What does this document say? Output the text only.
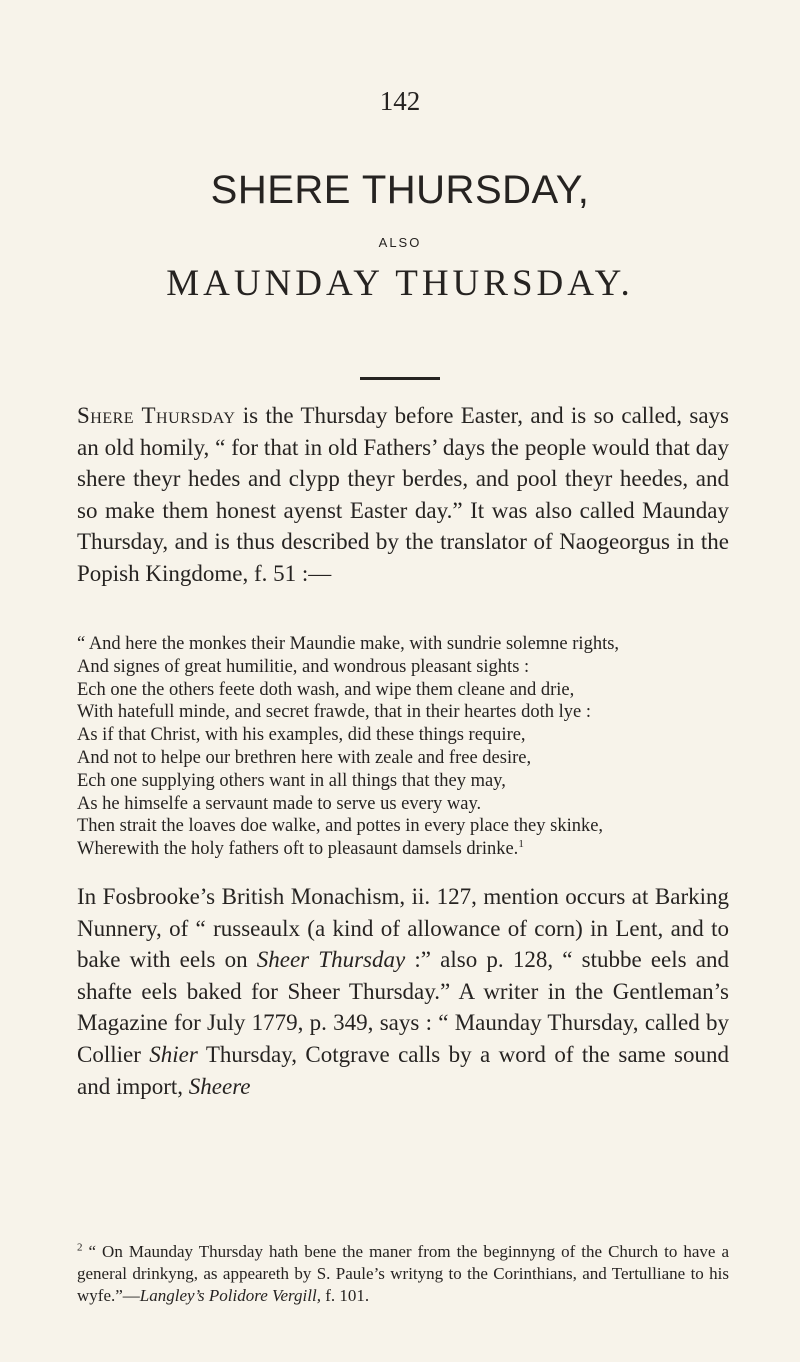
142
SHERE THURSDAY,
ALSO
MAUNDAY THURSDAY.
Shere Thursday is the Thursday before Easter, and is so called, says an old homily, “ for that in old Fathers’ days the people would that day shere theyr hedes and clypp theyr berdes, and pool theyr heedes, and so make them honest ayenst Easter day.” It was also called Maunday Thursday, and is thus described by the translator of Naogeorgus in the Popish Kingdome, f. 51 :—
“ And here the monkes their Maundie make, with sundrie solemne rights,
And signes of great humilitie, and wondrous pleasant sights :
Ech one the others feete doth wash, and wipe them cleane and drie,
With hatefull minde, and secret frawde, that in their heartes doth lye :
As if that Christ, with his examples, did these things require,
And not to helpe our brethren here with zeale and free desire,
Ech one supplying others want in all things that they may,
As he himselfe a servaunt made to serve us every way.
Then strait the loaves doe walke, and pottes in every place they skinke,
Wherewith the holy fathers oft to pleasaunt damsels drinke.$^1$
In Fosbrooke’s British Monachism, ii. 127, mention occurs at Barking Nunnery, of “ russeaulx (a kind of allowance of corn) in Lent, and to bake with eels on Sheer Thursday :” also p. 128, “ stubbe eels and shafte eels baked for Sheer Thursday.” A writer in the Gentleman’s Magazine for July 1779, p. 349, says : “ Maunday Thursday, called by Collier Shier Thursday, Cotgrave calls by a word of the same sound and import, Sheere
$^2$ “ On Maunday Thursday hath bene the maner from the beginnyng of the Church to have a general drinkyng, as appeareth by S. Paule’s writyng to the Corinthians, and Tertulliane to his wyfe.”—Langley’s Polidore Vergill, f. 101.
